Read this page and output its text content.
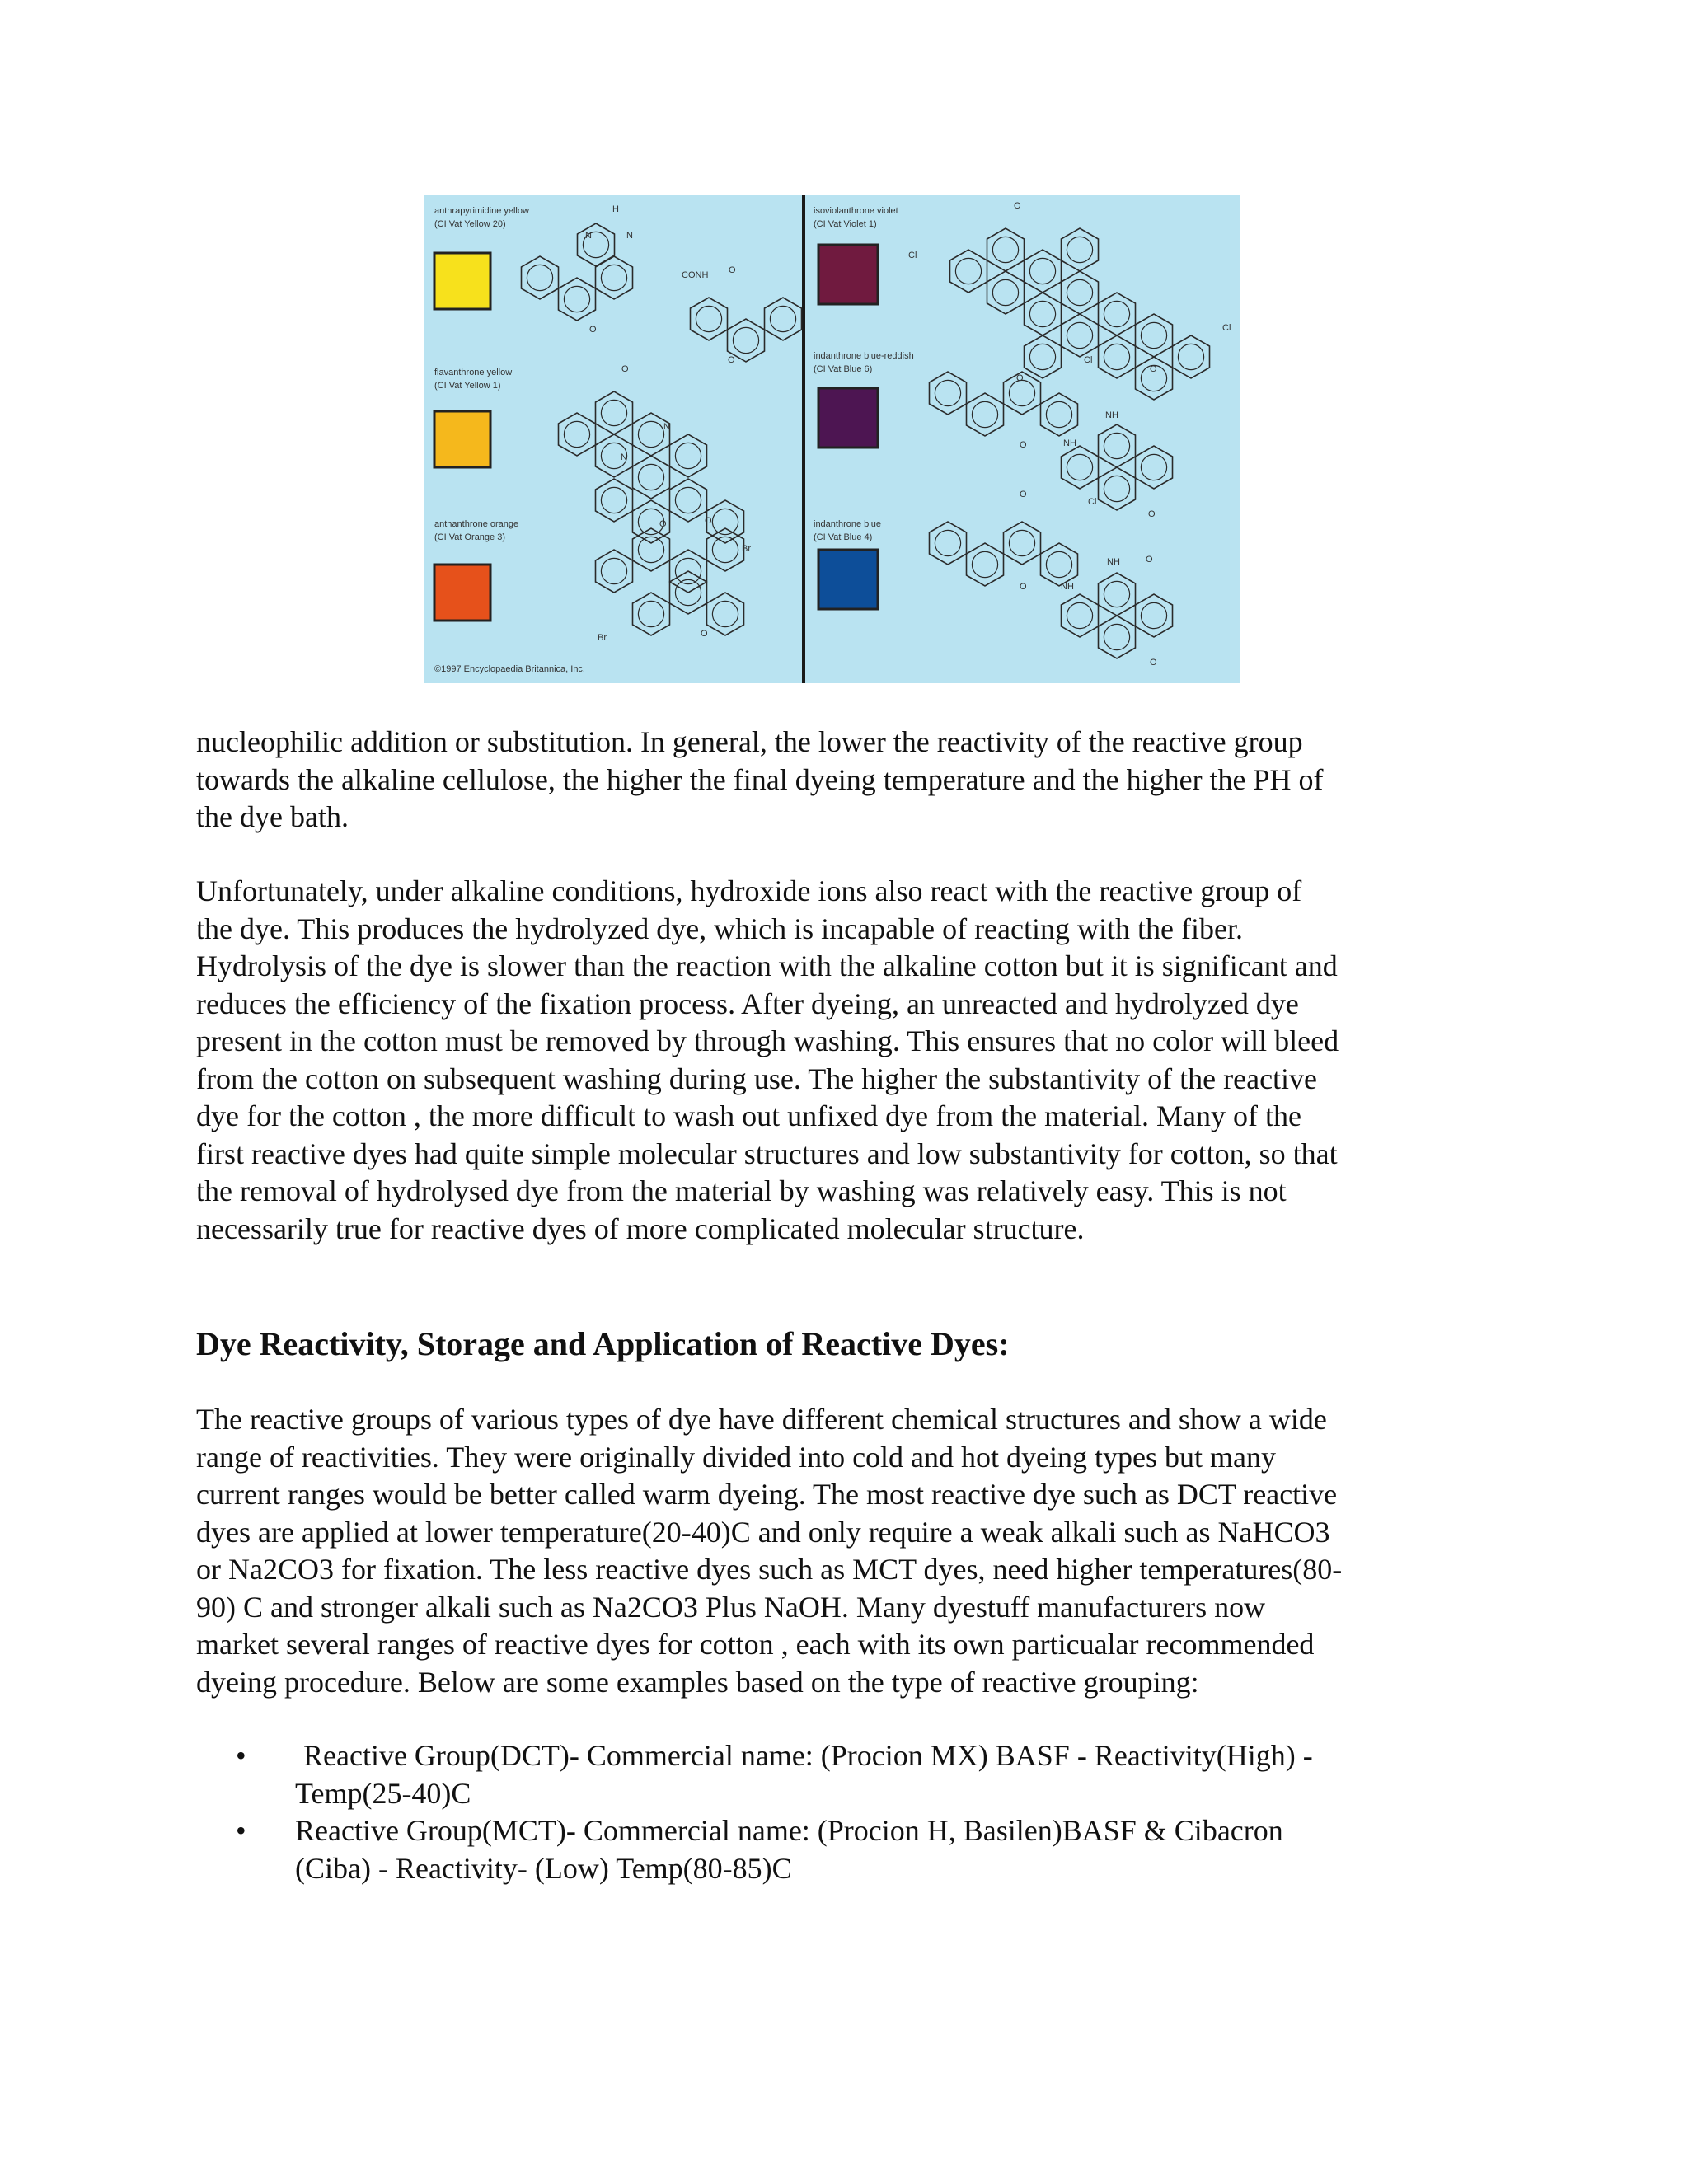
anthrapyrimidine yellow
(CI Vat Yellow 20)
flavanthrone yellow
(CI Vat Yellow 1)
anthanthrone orange
(CI Vat Orange 3)
isoviolanthrone violet
(CI Vat Violet 1)
indanthrone blue-reddish
(CI Vat Blue 6)
indanthrone blue
(CI Vat Blue 4)
H
N	N
CONH O
O
O
O
N
N
O
O
Br
Br	O
O
Cl
Cl
O
O
Cl
NH
NH
O
Cl
O
O
O
NH
NH
O
O
©1997 Encyclopaedia Britannica, Inc.

nucleophilic addition or substitution. In general, the lower the reactivity of the reactive group
towards the alkaline cellulose, the higher the final dyeing temperature and the higher the PH of
the dye bath.

Unfortunately, under alkaline conditions, hydroxide ions also react with the reactive group of
the dye. This produces the hydrolyzed dye, which is incapable of reacting with the fiber.
Hydrolysis of the dye is slower than the reaction with the alkaline cotton but it is significant and
reduces the efficiency of the fixation process. After dyeing, an unreacted and hydrolyzed dye
present in the cotton must be removed by through washing. This ensures that no color will bleed
from the cotton on subsequent washing during use. The higher the substantivity of the reactive
dye for the cotton , the more difficult to wash out unfixed dye from the material. Many of the
first reactive dyes had quite simple molecular structures and low substantivity for cotton, so that
the removal of hydrolysed dye from the material by washing was relatively easy. This is not
necessarily true for reactive dyes of more complicated molecular structure.

Dye Reactivity, Storage and Application of Reactive Dyes:

The reactive groups of various types of dye have different chemical structures and show a wide
range of reactivities. They were originally divided into cold and hot dyeing types but many
current ranges would be better called warm dyeing. The most reactive dye such as DCT reactive
dyes are applied at lower temperature(20-40)C and only require a weak alkali such as NaHCO3
or Na2CO3 for fixation. The less reactive dyes such as MCT dyes, need higher temperatures(80-
90) C and stronger alkali such as Na2CO3 Plus NaOH. Many dyestuff manufacturers now
market several ranges of reactive dyes for cotton , each with its own particualar recommended
dyeing procedure. Below are some examples based on the type of reactive grouping:

• Reactive Group(DCT)- Commercial name: (Procion MX) BASF - Reactivity(High) -
Temp(25-40)C
• Reactive Group(MCT)- Commercial name: (Procion H, Basilen)BASF & Cibacron
(Ciba) - Reactivity- (Low) Temp(80-85)C
